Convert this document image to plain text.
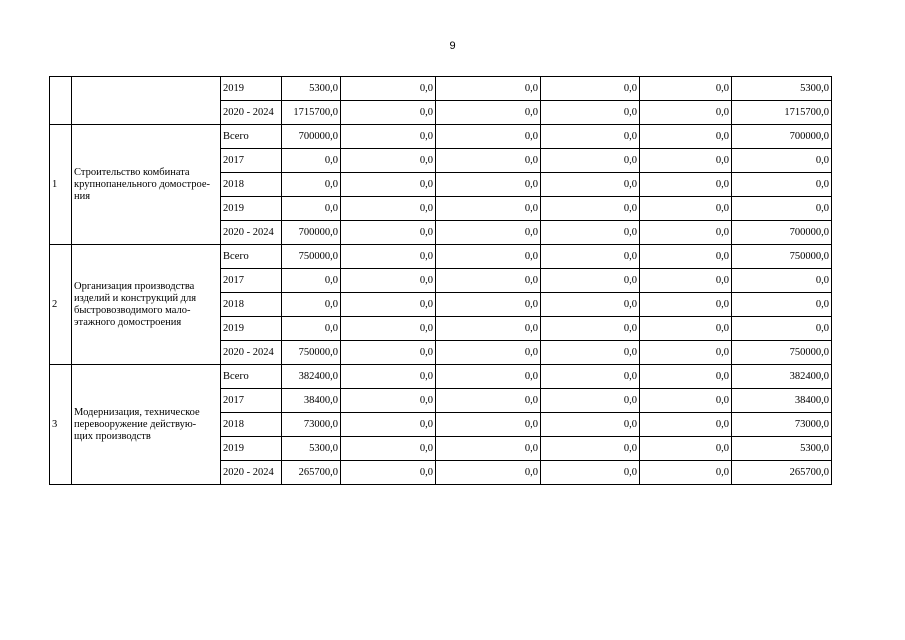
9
		2019	5300,0	0,0	0,0	0,0	0,0	5300,0
		2020 - 2024	1715700,0	0,0	0,0	0,0	0,0	1715700,0
1	Строительство комбината
крупнопанельного домострое-
ния	Всего	700000,0	0,0	0,0	0,0	0,0	700000,0
		2017	0,0	0,0	0,0	0,0	0,0	0,0
		2018	0,0	0,0	0,0	0,0	0,0	0,0
		2019	0,0	0,0	0,0	0,0	0,0	0,0
		2020 - 2024	700000,0	0,0	0,0	0,0	0,0	700000,0
2	Организация производства
изделий и конструкций для
быстровозводимого мало-
этажного домостроения	Всего	750000,0	0,0	0,0	0,0	0,0	750000,0
		2017	0,0	0,0	0,0	0,0	0,0	0,0
		2018	0,0	0,0	0,0	0,0	0,0	0,0
		2019	0,0	0,0	0,0	0,0	0,0	0,0
		2020 - 2024	750000,0	0,0	0,0	0,0	0,0	750000,0
3	Модернизация, техническое
перевооружение действую-
щих производств	Всего	382400,0	0,0	0,0	0,0	0,0	382400,0
		2017	38400,0	0,0	0,0	0,0	0,0	38400,0
		2018	73000,0	0,0	0,0	0,0	0,0	73000,0
		2019	5300,0	0,0	0,0	0,0	0,0	5300,0
		2020 - 2024	265700,0	0,0	0,0	0,0	0,0	265700,0
